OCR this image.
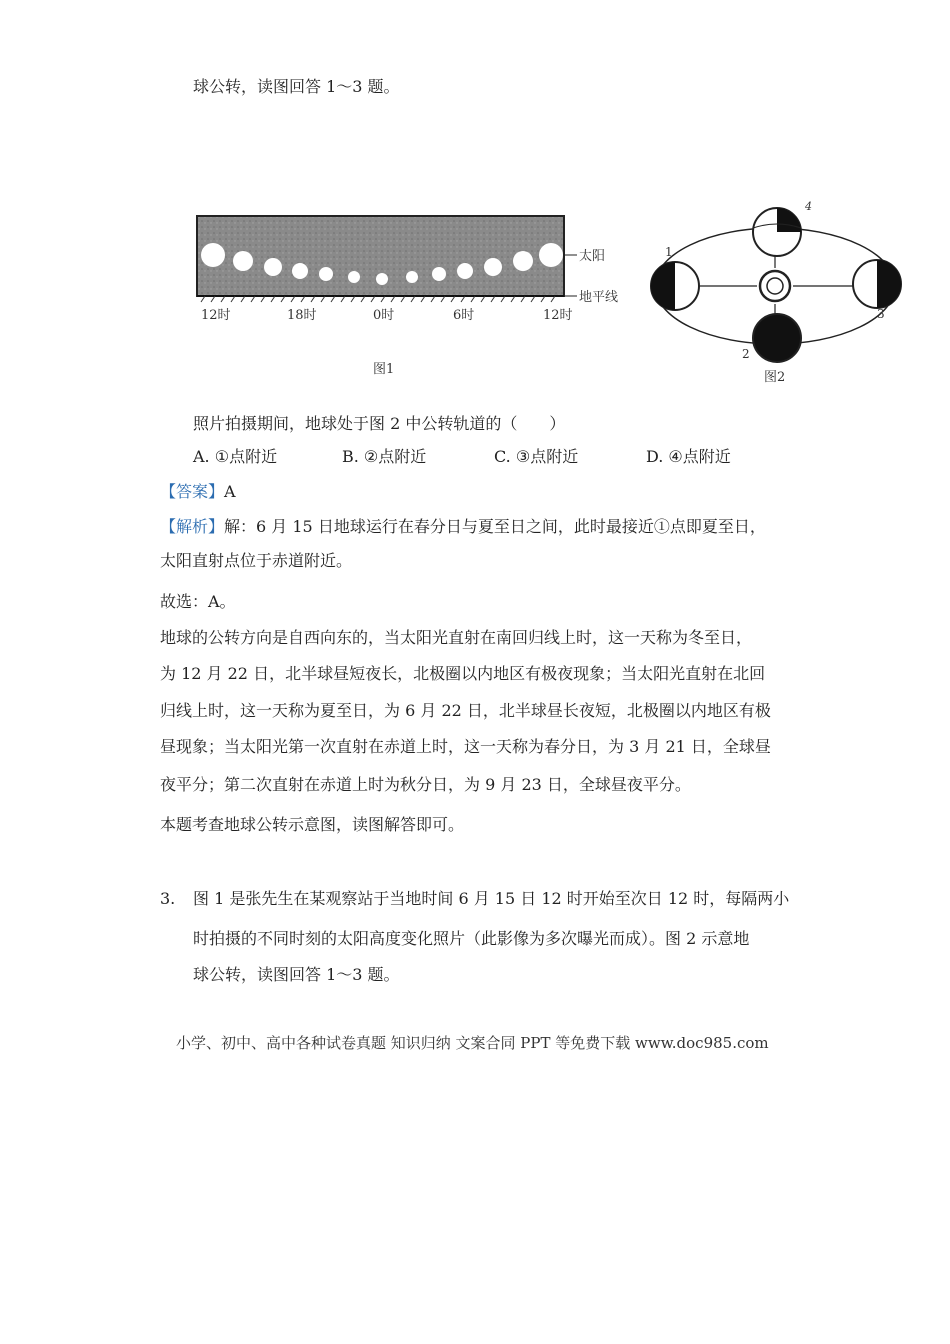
球公转，读图回答 1～3 题。
太阳
地平线
12时	18时	0时	6时	12时
图1
4
1
3
2
图2
照片拍摄期间，地球处于图 2 中公转轨道的（　　）
A. ①点附近	B. ②点附近	C. ③点附近	D. ④点附近
【答案】A
【解析】解：6 月 15 日地球运行在春分日与夏至日之间，此时最接近①点即夏至日，
太阳直射点位于赤道附近。
故选：A。
地球的公转方向是自西向东的，当太阳光直射在南回归线上时，这一天称为冬至日，
为 12 月 22 日，北半球昼短夜长，北极圈以内地区有极夜现象；当太阳光直射在北回
归线上时，这一天称为夏至日，为 6 月 22 日，北半球昼长夜短，北极圈以内地区有极
昼现象；当太阳光第一次直射在赤道上时，这一天称为春分日，为 3 月 21 日，全球昼
夜平分；第二次直射在赤道上时为秋分日，为 9 月 23 日，全球昼夜平分。
本题考查地球公转示意图，读图解答即可。
3. 图 1 是张先生在某观察站于当地时间 6 月 15 日 12 时开始至次日 12 时，每隔两小
时拍摄的不同时刻的太阳高度变化照片（此影像为多次曝光而成）。图 2 示意地
球公转，读图回答 1～3 题。
小学、初中、高中各种试卷真题 知识归纳 文案合同 PPT 等免费下载 www.doc985.com
